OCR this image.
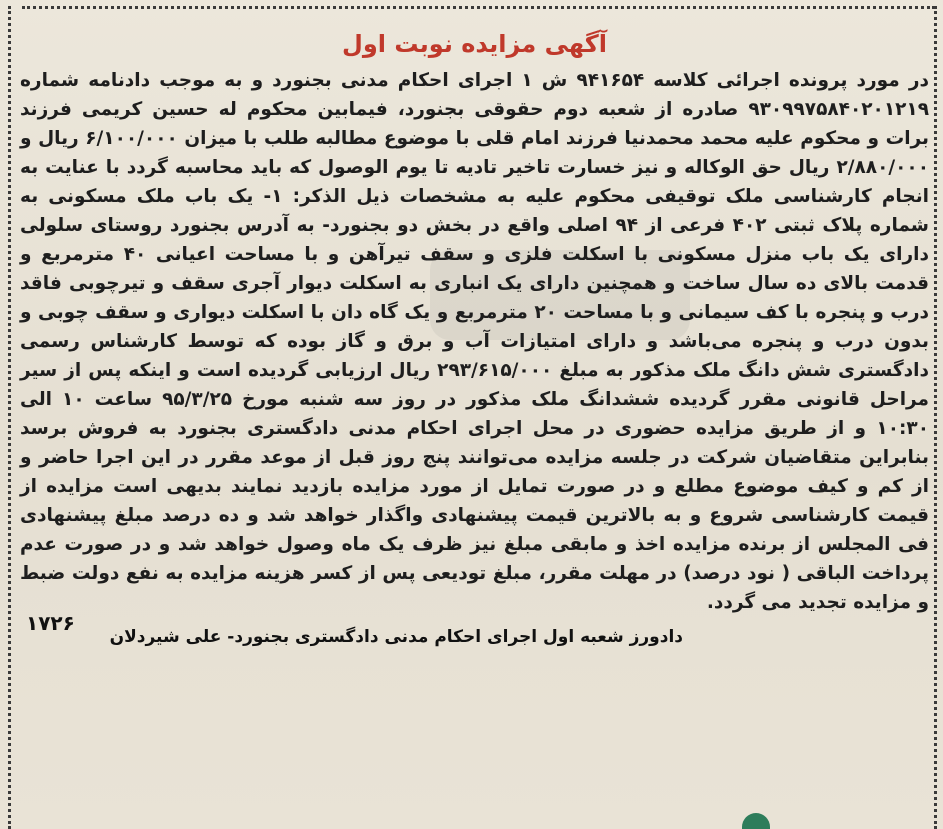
آگهی مزایده نوبت اول

در مورد پرونده اجرائی کلاسه ۹۴۱۶۵۴ ش ۱ اجرای احکام مدنی بجنورد و به موجب دادنامه شماره ۹۳۰۹۹۷۵۸۴۰۲۰۱۲۱۹ صادره از شعبه دوم حقوقی بجنورد، فیمابین محکوم له حسین کریمی فرزند برات و محکوم علیه محمد محمدنیا فرزند امام قلی با موضوع مطالبه طلب با میزان ۶/۱۰۰/۰۰۰ ریال و ۲/۸۸۰/۰۰۰ ریال حق الوکاله و نیز خسارت تاخیر تادیه تا یوم الوصول که باید محاسبه گردد با عنایت به انجام کارشناسی ملک توقیفی محکوم علیه به مشخصات ذیل الذکر: ۱- یک باب ملک مسکونی به شماره پلاک ثبتی ۴۰۲ فرعی از ۹۴ اصلی واقع در بخش دو بجنورد- به آدرس بجنورد روستای سلولی دارای یک باب منزل مسکونی با اسکلت فلزی و سقف تیرآهن و با مساحت اعیانی ۴۰ مترمربع و قدمت بالای ده سال ساخت و همچنین دارای یک انباری به اسکلت دیوار آجری سقف و تیرچوبی فاقد درب و پنجره با کف سیمانی و با مساحت ۲۰ مترمربع و یک گاه دان با اسکلت دیواری و سقف چوبی و بدون درب و پنجره می‌باشد و دارای امتیازات آب و برق و گاز بوده که توسط کارشناس رسمی دادگستری شش دانگ ملک مذکور به مبلغ ۲۹۳/۶۱۵/۰۰۰ ریال ارزیابی گردیده است و اینکه پس از سیر مراحل قانونی مقرر گردیده ششدانگ ملک مذکور در روز سه شنبه مورخ ۹۵/۳/۲۵ ساعت ۱۰ الی ۱۰:۳۰ و از طریق مزایده حضوری در محل اجرای احکام مدنی دادگستری بجنورد به فروش برسد بنابراین متقاضیان شرکت در جلسه مزایده می‌توانند پنج روز قبل از موعد مقرر در این اجرا حاضر و از کم و کیف موضوع مطلع و در صورت تمایل از مورد مزایده بازدید نمایند بدیهی است مزایده از قیمت کارشناسی شروع و به بالاترین قیمت پیشنهادی واگذار خواهد شد و ده درصد مبلغ پیشنهادی فی المجلس از برنده مزایده اخذ و مابقی مبلغ نیز ظرف یک ماه وصول خواهد شد و در صورت عدم پرداخت الباقی ( نود درصد) در مهلت مقرر، مبلغ تودیعی پس از کسر هزینه مزایده به نفع دولت ضبط و مزایده تجدید می گردد.

دادورز شعبه اول اجرای احکام مدنی دادگستری بجنورد- علی شیردلان
۱۷۲۶
